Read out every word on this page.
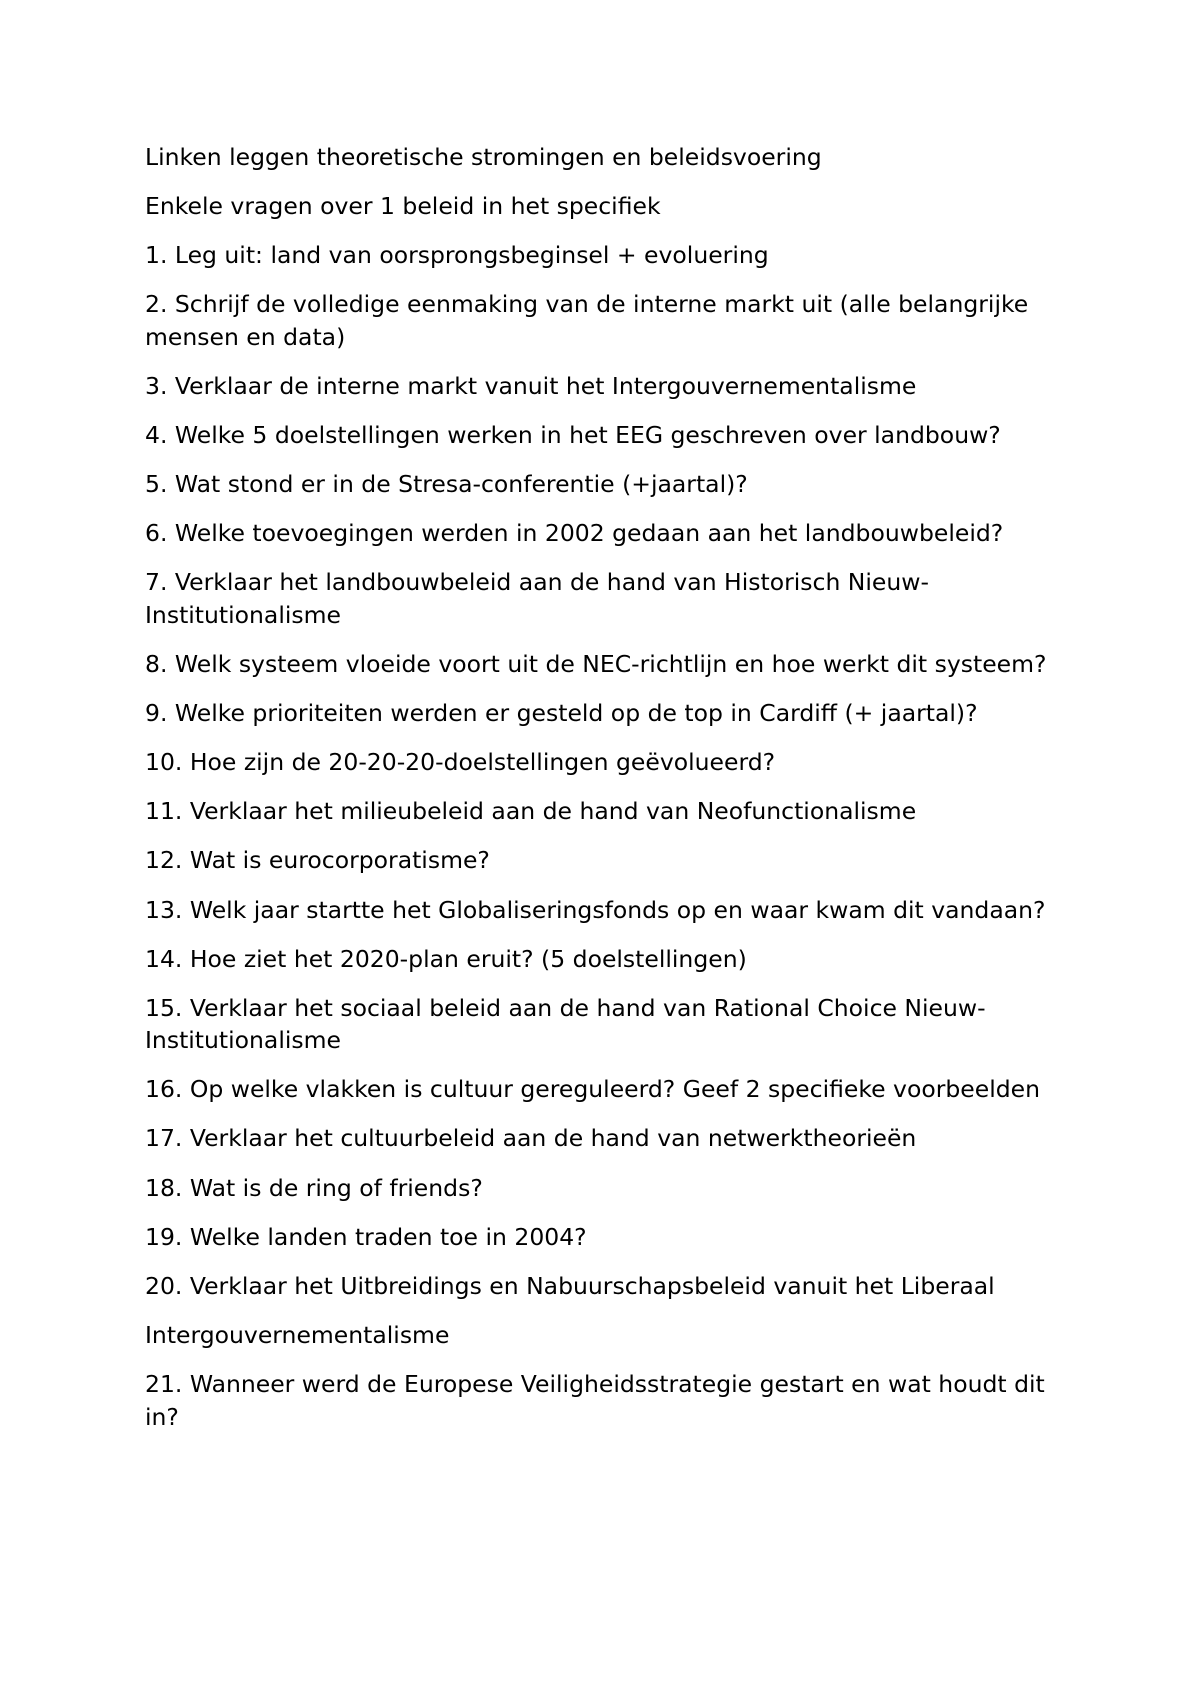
Linken leggen theoretische stromingen en beleidsvoering

Enkele vragen over 1 beleid in het specifiek

1. Leg uit: land van oorsprongsbeginsel + evoluering

2. Schrijf de volledige eenmaking van de interne markt uit (alle belangrijke mensen en data)

3. Verklaar de interne markt vanuit het Intergouvernementalisme

4. Welke 5 doelstellingen werken in het EEG geschreven over landbouw?

5. Wat stond er in de Stresa-conferentie (+jaartal)?

6. Welke toevoegingen werden in 2002 gedaan aan het landbouwbeleid?

7. Verklaar het landbouwbeleid aan de hand van Historisch Nieuw-Institutionalisme

8. Welk systeem vloeide voort uit de NEC-richtlijn en hoe werkt dit systeem?

9. Welke prioriteiten werden er gesteld op de top in Cardiff (+ jaartal)?

10. Hoe zijn de 20-20-20-doelstellingen geëvolueerd?

11. Verklaar het milieubeleid aan de hand van Neofunctionalisme

12. Wat is eurocorporatisme?

13. Welk jaar startte het Globaliseringsfonds op en waar kwam dit vandaan?

14. Hoe ziet het 2020-plan eruit? (5 doelstellingen)

15. Verklaar het sociaal beleid aan de hand van Rational Choice Nieuw-Institutionalisme

16. Op welke vlakken is cultuur gereguleerd? Geef 2 specifieke voorbeelden

17. Verklaar het cultuurbeleid aan de hand van netwerktheorieën

18. Wat is de ring of friends?

19. Welke landen traden toe in 2004?

20. Verklaar het Uitbreidings en Nabuurschapsbeleid vanuit het Liberaal

Intergouvernementalisme

21. Wanneer werd de Europese Veiligheidsstrategie gestart en wat houdt dit in?
